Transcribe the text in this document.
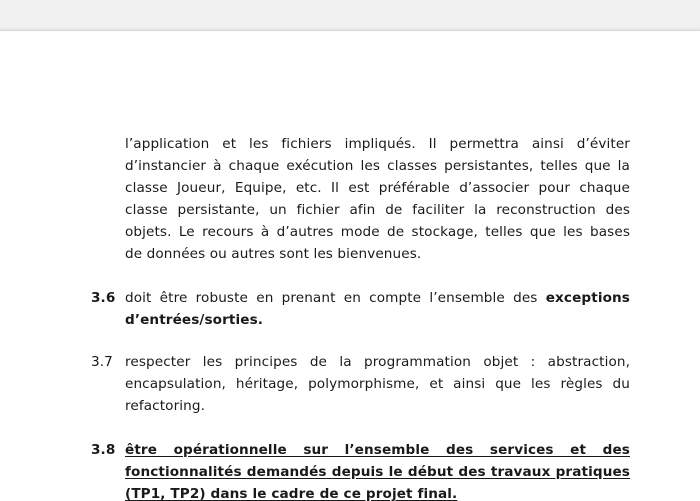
l’application et les fichiers impliqués. Il permettra ainsi d’éviter
d’instancier à chaque exécution les classes persistantes, telles que la
classe Joueur, Equipe, etc. Il est préférable d’associer pour chaque
classe persistante, un fichier afin de faciliter la reconstruction des
objets. Le recours à d’autres mode de stockage, telles que les bases
de données ou autres sont les bienvenues.
3.6 doit être robuste en prenant en compte l’ensemble des exceptions
d’entrées/sorties.
3.7 respecter les principes de la programmation objet : abstraction,
encapsulation, héritage, polymorphisme, et ainsi que les règles du
refactoring.
3.8 être opérationnelle sur l’ensemble des services et des
fonctionnalités demandés depuis le début des travaux pratiques
(TP1, TP2) dans le cadre de ce projet final.
